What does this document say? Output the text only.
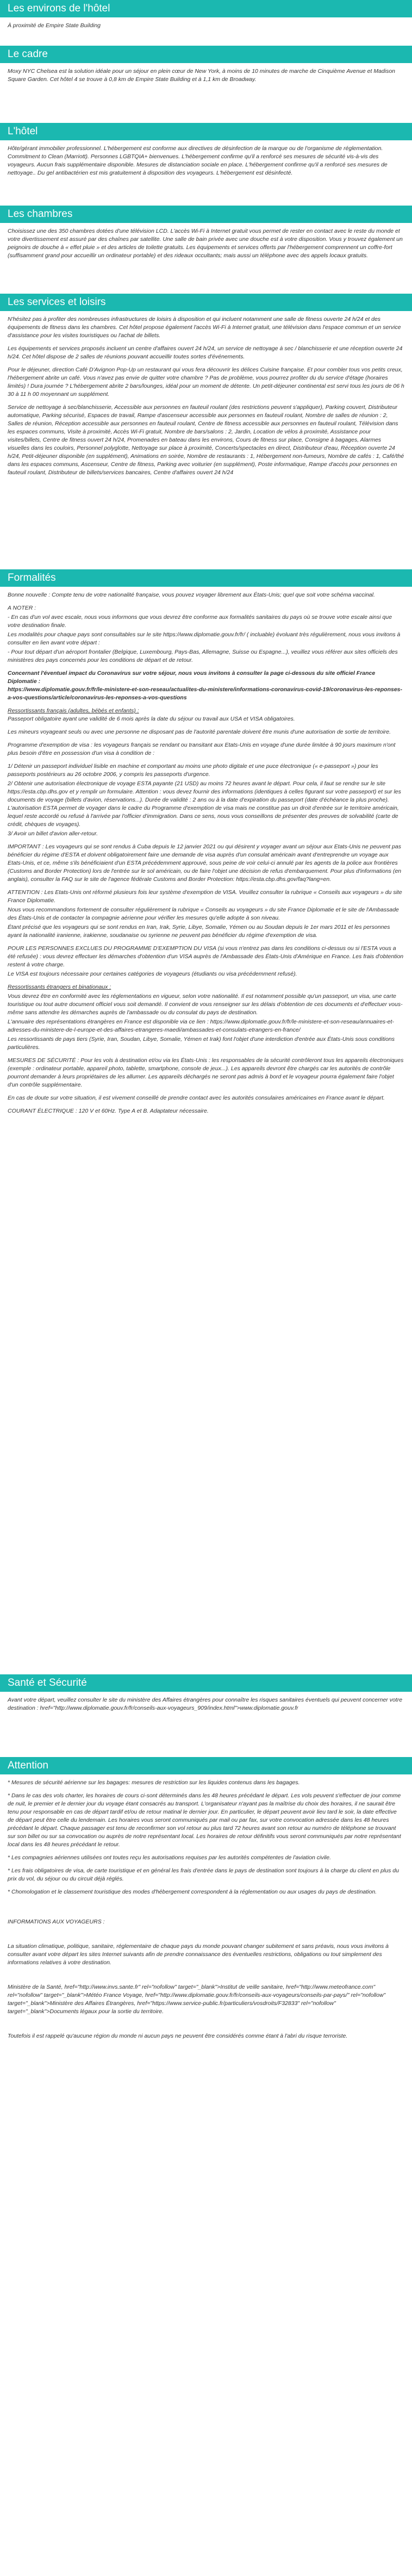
Les environs de l'hôtel

À proximité de Empire State Building

Le cadre

Moxy NYC Chelsea est la solution idéale pour un séjour en plein cœur de New York, à moins de 10 minutes de marche de Cinquième Avenue et Madison Square Garden. Cet hôtel 4 se trouve à 0,8 km de Empire State Building et à 1,1 km de Broadway.

L'hôtel

Hôte/gérant immobilier professionnel. L'hébergement est conforme aux directives de désinfection de la marque ou de l'organisme de réglementation. Commitment to Clean (Marriott). Personnes LGBTQIA+ bienvenues. L'hébergement confirme qu'il a renforcé ses mesures de sécurité vis-à-vis des voyageurs. Aucun frais supplémentaire disponible. Mesures de distanciation sociale en place. L'hébergement confirme qu'il a renforcé ses mesures de nettoyage.. Du gel antibactérien est mis gratuitement à disposition des voyageurs. L'hébergement est désinfecté.

Les chambres

Choisissez une des 350 chambres dotées d'une télévision LCD. L'accès Wi-Fi à Internet gratuit vous permet de rester en contact avec le reste du monde et votre divertissement est assuré par des chaînes par satellite. Une salle de bain privée avec une douche est à votre disposition. Vous y trouvez également un peignoirs de douche à « effet pluie » et des articles de toilette gratuits. Les équipements et services offerts par l'hébergement comprennent un coffre-fort (suffisamment grand pour accueillir un ordinateur portable) et des rideaux occultants; mais aussi un téléphone avec des appels locaux gratuits.

Les services et loisirs

N'hésitez pas à profiter des nombreuses infrastructures de loisirs à disposition et qui incluent notamment une salle de fitness ouverte 24 h/24 et des équipements de fitness dans les chambres. Cet hôtel propose également l'accès Wi-Fi à Internet gratuit, une télévision dans l'espace commun et un service d'assistance pour les visites touristiques ou l'achat de billets.

Les équipements et services proposés incluent un centre d'affaires ouvert 24 h/24, un service de nettoyage à sec / blanchisserie et une réception ouverte 24 h/24. Cet hôtel dispose de 2 salles de réunions pouvant accueillir toutes sortes d'événements.

Pour le déjeuner, direction Café D'Avignon Pop-Up un restaurant qui vous fera découvrir les délices Cuisine française. Et pour combler tous vos petits creux, l'hébergement abrite un café. Vous n'avez pas envie de quitter votre chambre ? Pas de problème, vous pourrez profiter du du service d'étage (horaires limités) ! Dura journée ? L'hébergement abrite 2 bars/lounges, idéal pour un moment de détente. Un petit-déjeuner continental est servi tous les jours de 06 h 30 à 11 h 00 moyennant un supplément.

Service de nettoyage à sec/blanchisserie, Accessible aux personnes en fauteuil roulant (des restrictions peuvent s'appliquer), Parking couvert, Distributeur automatique, Parking sécurisé, Espaces de travail, Rampe d'ascenseur accessible aux personnes en fauteuil roulant, Nombre de salles de réunion : 2, Salles de réunion, Réception accessible aux personnes en fauteuil roulant, Centre de fitness accessible aux personnes en fauteuil roulant, Télévision dans les espaces communs, Visite à proximité, Accès Wi-Fi gratuit, Nombre de bars/salons : 2, Jardin, Location de vélos à proximité, Assistance pour visites/billets, Centre de fitness ouvert 24 h/24, Promenades en bateau dans les environs, Cours de fitness sur place, Consigne à bagages, Alarmes visuelles dans les couloirs, Personnel polyglotte, Nettoyage sur place à proximité, Concerts/spectacles en direct, Distributeur d'eau, Réception ouverte 24 h/24, Petit-déjeuner disponible (en supplément), Animations en soirée, Nombre de restaurants : 1, Hébergement non-fumeurs, Nombre de cafés : 1, Café/thé dans les espaces communs, Ascenseur, Centre de fitness, Parking avec voiturier (en supplément), Poste informatique, Rampe d'accès pour personnes en fauteuil roulant, Distributeur de billets/services bancaires, Centre d'affaires ouvert 24 h/24

Formalités

Bonne nouvelle : Compte tenu de votre nationalité française, vous pouvez voyager librement aux États-Unis; quel que soit votre schéma vaccinal.

A NOTER :

- En cas d'un vol avec escale, nous vous informons que vous devrez être conforme aux formalités sanitaires du pays où se trouve votre escale ainsi que votre destination finale.

Les modalités pour chaque pays sont consultables sur le site https://www.diplomatie.gouv.fr/fr/ ( incluable) évoluant très régulièrement, nous vous invitons à consulter en lien avant votre départ :

- Pour tout départ d'un aéroport frontalier (Belgique, Luxembourg, Pays-Bas, Allemagne, Suisse ou Espagne...), veuillez vous référer aux sites officiels des ministères des pays concernés pour les conditions de départ et de retour.

Concernant l'éventuel impact du Coronavirus sur votre séjour, nous vous invitons à consulter la page ci-dessous du site officiel France Diplomatie :

https://www.diplomatie.gouv.fr/fr/le-ministere-et-son-reseau/actualites-du-ministere/informations-coronavirus-covid-19/coronavirus-les-reponses-a-vos-questions/article/coronavirus-les-reponses-a-vos-questions

Ressortissants français (adultes, bébés et enfants) :

Passeport obligatoire ayant une validité de 6 mois après la date du séjour ou travail aux USA et VISA obligatoires.

Les mineurs voyageant seuls ou avec une personne ne disposant pas de l'autorité parentale doivent être munis d'une autorisation de sortie de territoire.

Programme d'exemption de visa : les voyageurs français se rendant ou transitant aux Etats-Unis en voyage d'une durée limitée à 90 jours maximum n'ont plus besoin d'être en possession d'un visa à condition de :

1/ Détenir un passeport individuel lisible en machine et comportant au moins une photo digitale et une puce électronique (« e-passeport ») pour les passeports postérieurs au 26 octobre 2006, y compris les passeports d'urgence.

2/ Obtenir une autorisation électronique de voyage ESTA payante (21 USD) au moins 72 heures avant le départ. Pour cela, il faut se rendre sur le site https://esta.cbp.dhs.gov et y remplir un formulaire. Attention : vous devez fournir des informations (identiques à celles figurant sur votre passeport) et sur les documents de voyage (billets d'avion, réservations...). Durée de validité : 2 ans ou à la date d'expiration du passeport (date d'échéance la plus proche). L'autorisation ESTA permet de voyager dans le cadre du Programme d'exemption de visa mais ne constitue pas un droit d'entrée sur le territoire américain, lequel reste accordé ou refusé à l'arrivée par l'officier d'immigration. Dans ce sens, nous vous conseillons de présenter des preuves de solvabilité (carte de crédit, chèques de voyages).

3/ Avoir un billet d'avion aller-retour.

IMPORTANT : Les voyageurs qui se sont rendus à Cuba depuis le 12 janvier 2021 ou qui désirent y voyager avant un séjour aux Etats-Unis ne peuvent pas bénéficier du régime d'ESTA et doivent obligatoirement faire une demande de visa auprès d'un consulat américain avant d'entreprendre un voyage aux Etats-Unis, et ce, même s'ils bénéficiaient d'un ESTA précédemment approuvé, sous peine de voir celui-ci annulé par les agents de la police aux frontières (Customs and Border Protection) lors de l'entrée sur le sol américain, ou de faire l'objet une décision de refus d'embarquement. Pour plus d'informations (en anglais), consulter la FAQ sur le site de l'agence fédérale Customs and Border Protection: https://esta.cbp.dhs.gov/faq?lang=en.

ATTENTION : Les Etats-Unis ont réformé plusieurs fois leur système d'exemption de VISA. Veuillez consulter la rubrique « Conseils aux voyageurs » du site France Diplomatie.

Nous vous recommandons fortement de consulter régulièrement la rubrique « Conseils au voyageurs » du site France Diplomatie et le site de l'Ambassade des États-Unis et de contacter la compagnie aérienne pour vérifier les mesures qu'elle adopte à son niveau.

Étant précisé que les voyageurs qui se sont rendus en Iran, Irak, Syrie, Libye, Somalie, Yémen ou au Soudan depuis le 1er mars 2011 et les personnes ayant la nationalité iranienne, irakienne, soudanaise ou syrienne ne peuvent pas bénéficier du régime d'exemption de visa.

POUR LES PERSONNES EXCLUES DU PROGRAMME D'EXEMPTION DU VISA (si vous n'entrez pas dans les conditions ci-dessus ou si l'ESTA vous a été refusée) : vous devrez effectuer les démarches d'obtention d'un VISA auprès de l'Ambassade des États-Unis d'Amérique en France. Les frais d'obtention restent à votre charge.

Le VISA est toujours nécessaire pour certaines catégories de voyageurs (étudiants ou visa précédemment refusé).

Ressortissants étrangers et binationaux :

Vous devrez être en conformité avec les réglementations en vigueur, selon votre nationalité. Il est notamment possible qu'un passeport, un visa, une carte touristique ou tout autre document officiel vous soit demandé. Il convient de vous renseigner sur les délais d'obtention de ces documents et d'effectuer vous-même sans attendre les démarches auprès de l'ambassade ou du consulat du pays de destination.

L'annuaire des représentations étrangères en France est disponible via ce lien : https://www.diplomatie.gouv.fr/fr/le-ministere-et-son-reseau/annuaires-et-adresses-du-ministere-de-l-europe-et-des-affaires-etrangeres-maedi/ambassades-et-consulats-etrangers-en-france/

Les ressortissants de pays tiers (Syrie, Iran, Soudan, Libye, Somalie, Yémen et Irak) font l'objet d'une interdiction d'entrée aux États-Unis sous conditions particulières.

MESURES DE SÉCURITÉ : Pour les vols à destination et/ou via les États-Unis : les responsables de la sécurité contrôleront tous les appareils électroniques (exemple : ordinateur portable, appareil photo, tablette, smartphone, console de jeux...). Les appareils devront être chargés car les autorités de contrôle pourront demander à leurs propriétaires de les allumer. Les appareils déchargés ne seront pas admis à bord et le voyageur pourra également faire l'objet d'un contrôle supplémentaire.

En cas de doute sur votre situation, il est vivement conseillé de prendre contact avec les autorités consulaires américaines en France avant le départ.

COURANT ÉLECTRIQUE : 120 V et 60Hz. Type A et B. Adaptateur nécessaire.

Santé et Sécurité

Avant votre départ, veuillez consulter le site du ministère des Affaires étrangères pour connaître les risques sanitaires éventuels qui peuvent concerner votre destination : href="http://www.diplomatie.gouv.fr/fr/conseils-aux-voyageurs_909/index.html">www.diplomatie.gouv.fr

Attention
* Mesures de sécurité aérienne sur les bagages: mesures de restriction sur les liquides contenus dans les bagages.
* Dans le cas des vols charter, les horaires de cours ci-sont déterminés dans les 48 heures précédant le départ. Les vols peuvent s'effectuer de jour comme de nuit, le premier et le dernier jour du voyage étant consacrés au transport. L'organisateur n'ayant pas la maîtrise du choix des horaires, il ne saurait être tenu pour responsable en cas de départ tardif et/ou de retour matinal le dernier jour. En particulier, le départ peuvent avoir lieu tard le soir, la date effective de départ peut être celle du lendemain. Les horaires vous seront communiqués par mail ou par fax, sur votre convocation adressée dans les 48 heures précédant le départ. Chaque passager est tenu de reconfirmer son vol retour au plus tard 72 heures avant son retour au numéro de téléphone se trouvant sur son billet ou sur sa convocation ou auprès de notre représentant local. Les horaires de retour définitifs vous seront communiqués par notre représentant local dans les 48 heures précédant le retour.
* Les compagnies aériennes utilisées ont toutes reçu les autorisations requises par les autorités compétentes de l'aviation civile.
* Les frais obligatoires de visa, de carte touristique et en général les frais d'entrée dans le pays de destination sont toujours à la charge du client en plus du prix du vol, du séjour ou du circuit déjà réglés.
* Chomologation et le classement touristique des modes d'hébergement correspondent à la réglementation ou aux usages du pays de destination.

INFORMATIONS AUX VOYAGEURS :

La situation climatique, politique, sanitaire, réglementaire de chaque pays du monde pouvant changer subitement et sans préavis, nous vous invitons à consulter avant votre départ les sites Internet suivants afin de prendre connaissance des éventuelles restrictions, obligations ou tout simplement des informations relatives à votre destination.

Ministère de la Santé, href="http://www.invs.sante.fr" rel="nofollow" target="_blank">Institut de veille sanitaire, href="http://www.meteofrance.com" rel="nofollow" target="_blank">Météo France Voyage, href="http://www.diplomatie.gouv.fr/fr/conseils-aux-voyageurs/conseils-par-pays/" rel="nofollow" target="_blank">Ministère des Affaires Étrangères, href="https://www.service-public.fr/particuliers/vosdroits/F32833" rel="nofollow" target="_blank">Documents légaux pour la sortie du territoire.

Toutefois il est rappelé qu'aucune région du monde ni aucun pays ne peuvent être considérés comme étant à l'abri du risque terroriste.
